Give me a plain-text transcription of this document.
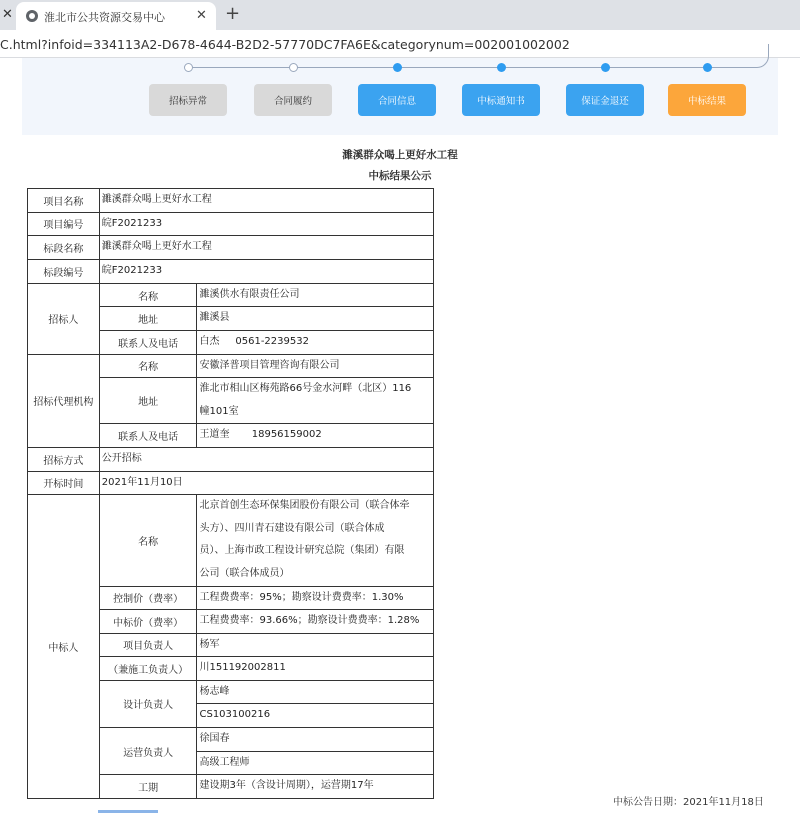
✕	淮北市公共资源交易中心 ✕ +
C.html?infoid=334113A2-D678-4644-B2D2-57770DC7FA6E&categorynum=002001002002
招标异常	合同履约	合同信息	中标通知书	保证金退还	中标结果
濉溪群众喝上更好水工程
中标结果公示
项目名称	濉溪群众喝上更好水工程	
项目编号	皖F2021233	
标段名称	濉溪群众喝上更好水工程	
标段编号	皖F2021233	
招标人	名称	濉溪供水有限责任公司
	地址	濉溪县
	联系人及电话	白杰     0561-2239532
招标代理机构	名称	安徽泽普项目管理咨询有限公司
	地址	淮北市相山区梅苑路66号金水河畔（北区）116
幢101室

	联系人及电话	王道奎       18956159002
招标方式	公开招标	
开标时间	2021年11月10日	
中标人	名称	北京首创生态环保集团股份有限公司（联合体牵
头方）、四川青石建设有限公司（联合体成
员）、上海市政工程设计研究总院（集团）有限
公司（联合体成员）

	控制价（费率）	工程费费率：95%；勘察设计费费率：1.30%
	中标价（费率）	工程费费率：93.66%；勘察设计费费率：1.28%
	项目负责人	杨军
	（兼施工负责人）	川151192002811
	设计负责人	杨志峰
		CS103100216
	运营负责人	徐国春
		高级工程师
	工期	建设期3年（含设计周期），运营期17年
中标公告日期：2021年11月18日
